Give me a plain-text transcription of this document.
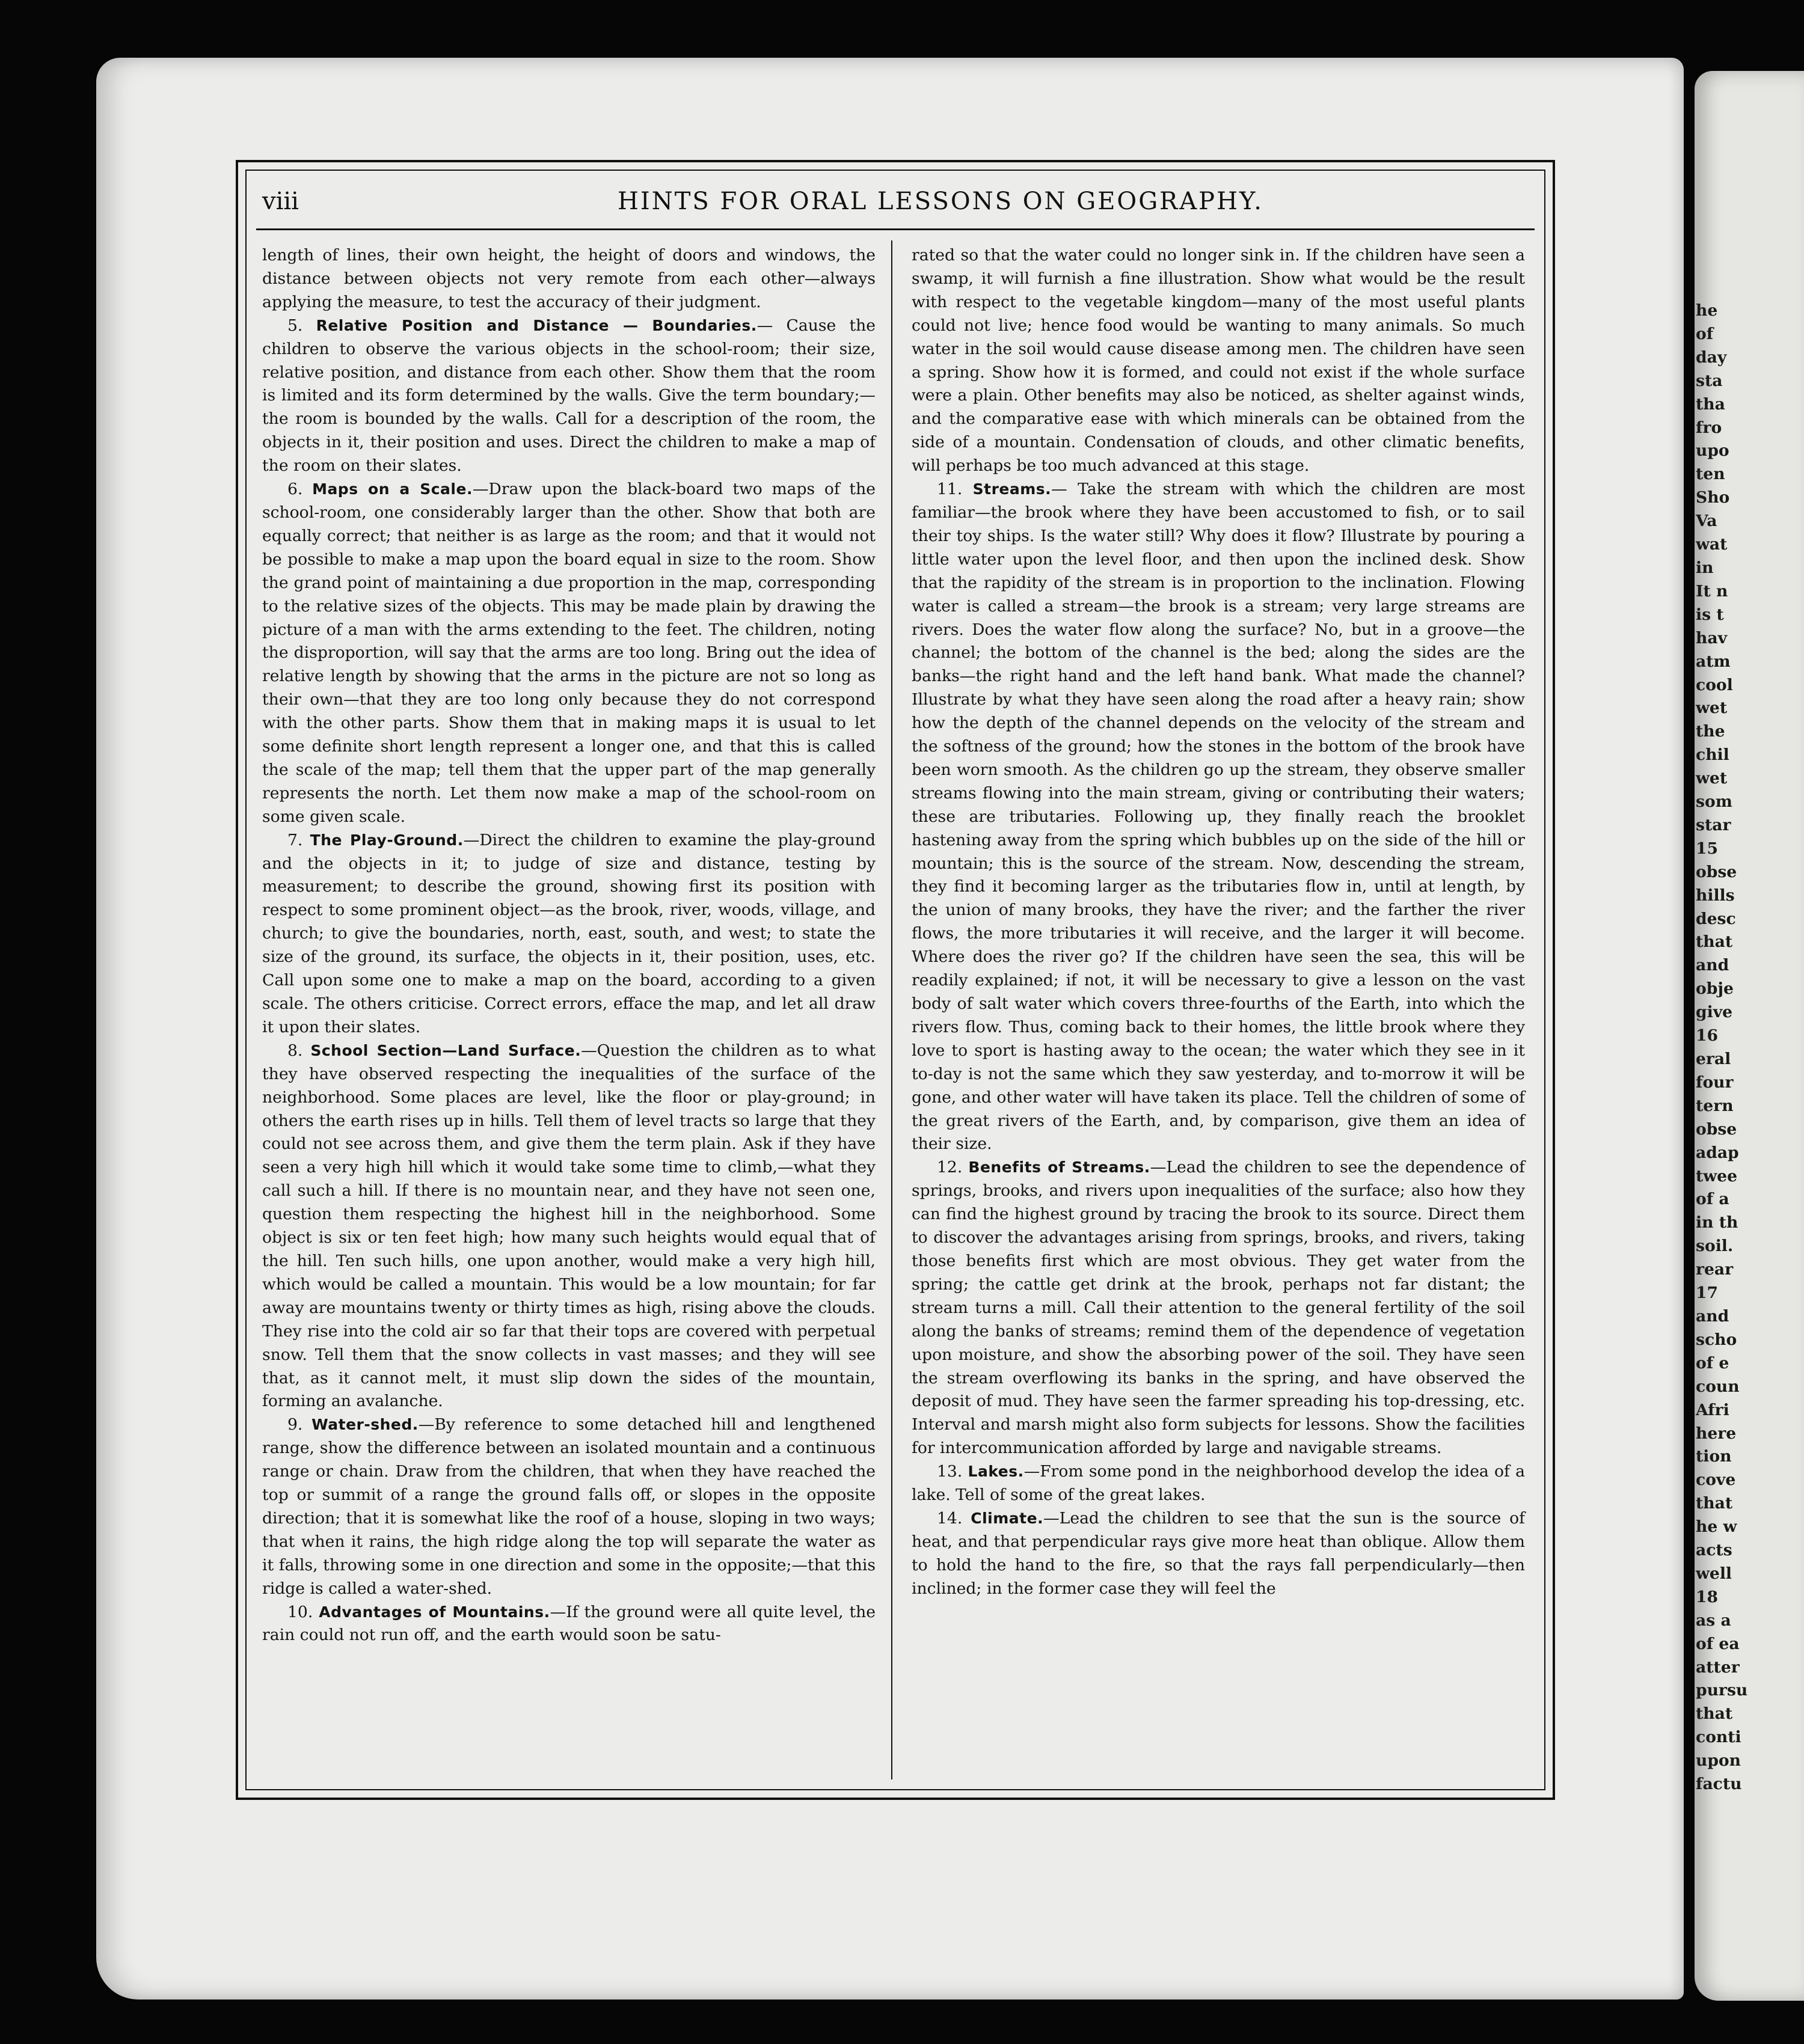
he
of
day
sta
tha
fro
upo
ten
Sho
Va
wat
in
It n
is t
hav
atm
cool
wet
the
chil
wet
som
star
15
obse
hills
desc
that
and
obje
give
16
eral
four
tern
obse
adap
twee
of a
in th
soil.
rear
17
and
scho
of e
coun
Afri
here
tion
cove
that
he w
acts
well
18
as a
of ea
atter
pursu
that
conti
upon
factu
viii	HINTS FOR ORAL LESSONS ON GEOGRAPHY.

length of lines, their own height, the height of doors and windows, the distance between objects not very remote from each other—always applying the measure, to test the accuracy of their judgment.

5. Relative Position and Distance — Boundaries.— Cause the children to observe the various objects in the school-room; their size, relative position, and distance from each other. Show them that the room is limited and its form determined by the walls. Give the term boundary;—the room is bounded by the walls. Call for a description of the room, the objects in it, their position and uses. Direct the children to make a map of the room on their slates.

6. Maps on a Scale.—Draw upon the black-board two maps of the school-room, one considerably larger than the other. Show that both are equally correct; that neither is as large as the room; and that it would not be possible to make a map upon the board equal in size to the room. Show the grand point of maintaining a due proportion in the map, corresponding to the relative sizes of the objects. This may be made plain by drawing the picture of a man with the arms extending to the feet. The children, noting the disproportion, will say that the arms are too long. Bring out the idea of relative length by showing that the arms in the picture are not so long as their own—that they are too long only because they do not correspond with the other parts. Show them that in making maps it is usual to let some definite short length represent a longer one, and that this is called the scale of the map; tell them that the upper part of the map generally represents the north. Let them now make a map of the school-room on some given scale.

7. The Play-Ground.—Direct the children to examine the play-ground and the objects in it; to judge of size and distance, testing by measurement; to describe the ground, showing first its position with respect to some prominent object—as the brook, river, woods, village, and church; to give the boundaries, north, east, south, and west; to state the size of the ground, its surface, the objects in it, their position, uses, etc. Call upon some one to make a map on the board, according to a given scale. The others criticise. Correct errors, efface the map, and let all draw it upon their slates.

8. School Section—Land Surface.—Question the children as to what they have observed respecting the inequalities of the surface of the neighborhood. Some places are level, like the floor or play-ground; in others the earth rises up in hills. Tell them of level tracts so large that they could not see across them, and give them the term plain. Ask if they have seen a very high hill which it would take some time to climb,—what they call such a hill. If there is no mountain near, and they have not seen one, question them respecting the highest hill in the neighborhood. Some object is six or ten feet high; how many such heights would equal that of the hill. Ten such hills, one upon another, would make a very high hill, which would be called a mountain. This would be a low mountain; for far away are mountains twenty or thirty times as high, rising above the clouds. They rise into the cold air so far that their tops are covered with perpetual snow. Tell them that the snow collects in vast masses; and they will see that, as it cannot melt, it must slip down the sides of the mountain, forming an avalanche.

9. Water-shed.—By reference to some detached hill and lengthened range, show the difference between an isolated mountain and a continuous range or chain. Draw from the children, that when they have reached the top or summit of a range the ground falls off, or slopes in the opposite direction; that it is somewhat like the roof of a house, sloping in two ways; that when it rains, the high ridge along the top will separate the water as it falls, throwing some in one direction and some in the opposite;—that this ridge is called a water-shed.

10. Advantages of Mountains.—If the ground were all quite level, the rain could not run off, and the earth would soon be satu-

rated so that the water could no longer sink in. If the children have seen a swamp, it will furnish a fine illustration. Show what would be the result with respect to the vegetable kingdom—many of the most useful plants could not live; hence food would be wanting to many animals. So much water in the soil would cause disease among men. The children have seen a spring. Show how it is formed, and could not exist if the whole surface were a plain. Other benefits may also be noticed, as shelter against winds, and the comparative ease with which minerals can be obtained from the side of a mountain. Condensation of clouds, and other climatic benefits, will perhaps be too much advanced at this stage.

11. Streams.— Take the stream with which the children are most familiar—the brook where they have been accustomed to fish, or to sail their toy ships. Is the water still? Why does it flow? Illustrate by pouring a little water upon the level floor, and then upon the inclined desk. Show that the rapidity of the stream is in proportion to the inclination. Flowing water is called a stream—the brook is a stream; very large streams are rivers. Does the water flow along the surface? No, but in a groove—the channel; the bottom of the channel is the bed; along the sides are the banks—the right hand and the left hand bank. What made the channel? Illustrate by what they have seen along the road after a heavy rain; show how the depth of the channel depends on the velocity of the stream and the softness of the ground; how the stones in the bottom of the brook have been worn smooth. As the children go up the stream, they observe smaller streams flowing into the main stream, giving or contributing their waters; these are tributaries. Following up, they finally reach the brooklet hastening away from the spring which bubbles up on the side of the hill or mountain; this is the source of the stream. Now, descending the stream, they find it becoming larger as the tributaries flow in, until at length, by the union of many brooks, they have the river; and the farther the river flows, the more tributaries it will receive, and the larger it will become. Where does the river go? If the children have seen the sea, this will be readily explained; if not, it will be necessary to give a lesson on the vast body of salt water which covers three-fourths of the Earth, into which the rivers flow. Thus, coming back to their homes, the little brook where they love to sport is hasting away to the ocean; the water which they see in it to-day is not the same which they saw yesterday, and to-morrow it will be gone, and other water will have taken its place. Tell the children of some of the great rivers of the Earth, and, by comparison, give them an idea of their size.

12. Benefits of Streams.—Lead the children to see the dependence of springs, brooks, and rivers upon inequalities of the surface; also how they can find the highest ground by tracing the brook to its source. Direct them to discover the advantages arising from springs, brooks, and rivers, taking those benefits first which are most obvious. They get water from the spring; the cattle get drink at the brook, perhaps not far distant; the stream turns a mill. Call their attention to the general fertility of the soil along the banks of streams; remind them of the dependence of vegetation upon moisture, and show the absorbing power of the soil. They have seen the stream overflowing its banks in the spring, and have observed the deposit of mud. They have seen the farmer spreading his top-dressing, etc. Interval and marsh might also form subjects for lessons. Show the facilities for intercommunication afforded by large and navigable streams.

13. Lakes.—From some pond in the neighborhood develop the idea of a lake. Tell of some of the great lakes.

14. Climate.—Lead the children to see that the sun is the source of heat, and that perpendicular rays give more heat than oblique. Allow them to hold the hand to the fire, so that the rays fall perpendicularly—then inclined; in the former case they will feel the
